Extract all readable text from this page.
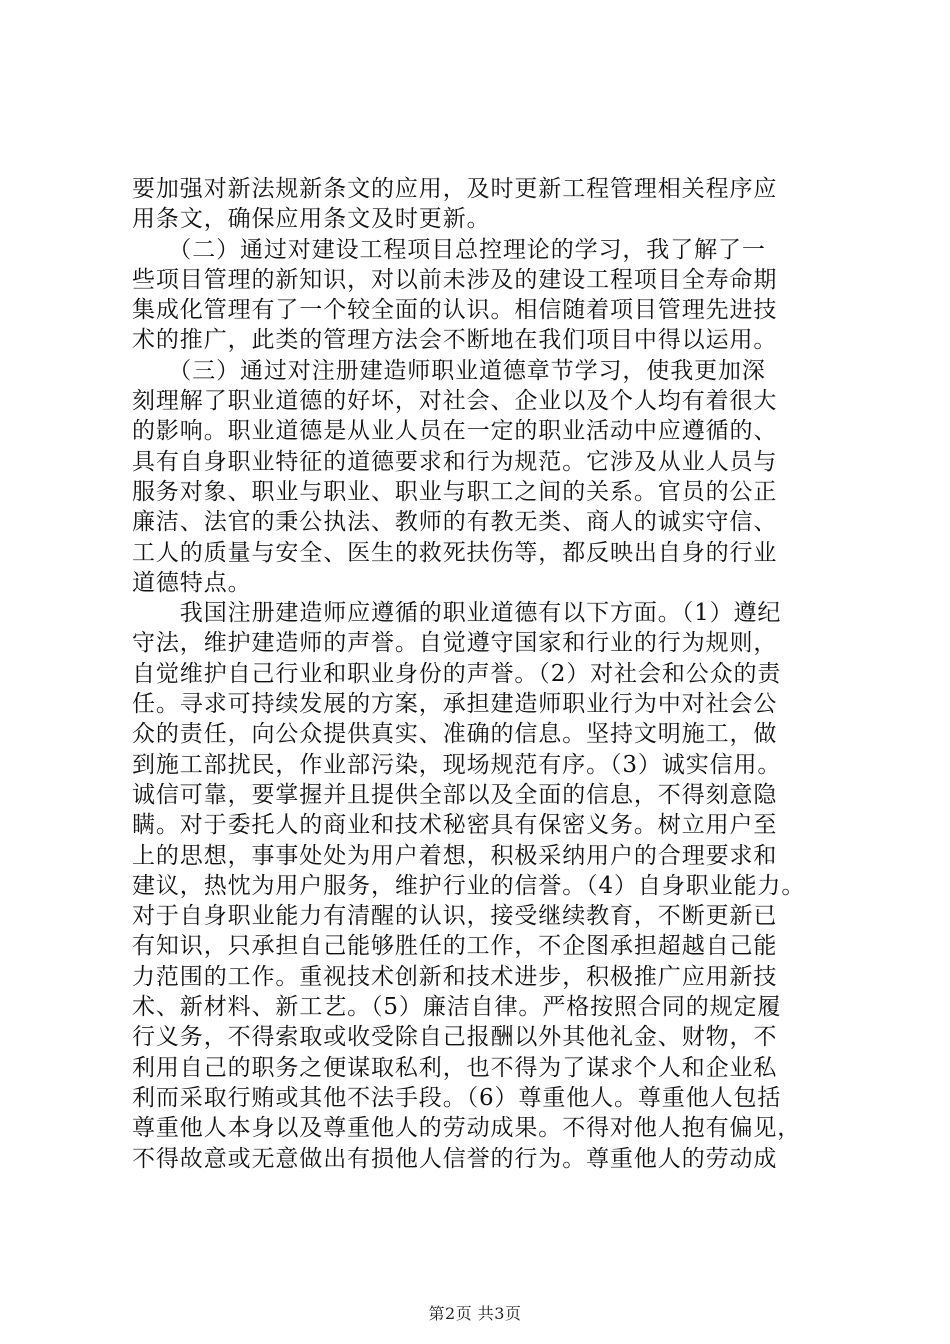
要加强对新法规新条文的应用，及时更新工程管理相关程序应
用条文，确保应用条文及时更新。
　　（二）通过对建设工程项目总控理论的学习，我了解了一
些项目管理的新知识，对以前未涉及的建设工程项目全寿命期
集成化管理有了一个较全面的认识。相信随着项目管理先进技
术的推广，此类的管理方法会不断地在我们项目中得以运用。
　　（三）通过对注册建造师职业道德章节学习，使我更加深
刻理解了职业道德的好坏，对社会、企业以及个人均有着很大
的影响。职业道德是从业人员在一定的职业活动中应遵循的、
具有自身职业特征的道德要求和行为规范。它涉及从业人员与
服务对象、职业与职业、职业与职工之间的关系。官员的公正
廉洁、法官的秉公执法、教师的有教无类、商人的诚实守信、
工人的质量与安全、医生的救死扶伤等，都反映出自身的行业
道德特点。
　　我国注册建造师应遵循的职业道德有以下方面。（1）遵纪
守法，维护建造师的声誉。自觉遵守国家和行业的行为规则，
自觉维护自己行业和职业身份的声誉。（2）对社会和公众的责
任。寻求可持续发展的方案，承担建造师职业行为中对社会公
众的责任，向公众提供真实、准确的信息。坚持文明施工，做
到施工部扰民，作业部污染，现场规范有序。（3）诚实信用。
诚信可靠，要掌握并且提供全部以及全面的信息，不得刻意隐
瞒。对于委托人的商业和技术秘密具有保密义务。树立用户至
上的思想，事事处处为用户着想，积极采纳用户的合理要求和
建议，热忱为用户服务，维护行业的信誉。（4）自身职业能力。
对于自身职业能力有清醒的认识，接受继续教育，不断更新已
有知识，只承担自己能够胜任的工作，不企图承担超越自己能
力范围的工作。重视技术创新和技术进步，积极推广应用新技
术、新材料、新工艺。（5）廉洁自律。严格按照合同的规定履
行义务，不得索取或收受除自己报酬以外其他礼金、财物，不
利用自己的职务之便谋取私利，也不得为了谋求个人和企业私
利而采取行贿或其他不法手段。（6）尊重他人。尊重他人包括
尊重他人本身以及尊重他人的劳动成果。不得对他人抱有偏见，
不得故意或无意做出有损他人信誉的行为。尊重他人的劳动成
第2页 共3页
